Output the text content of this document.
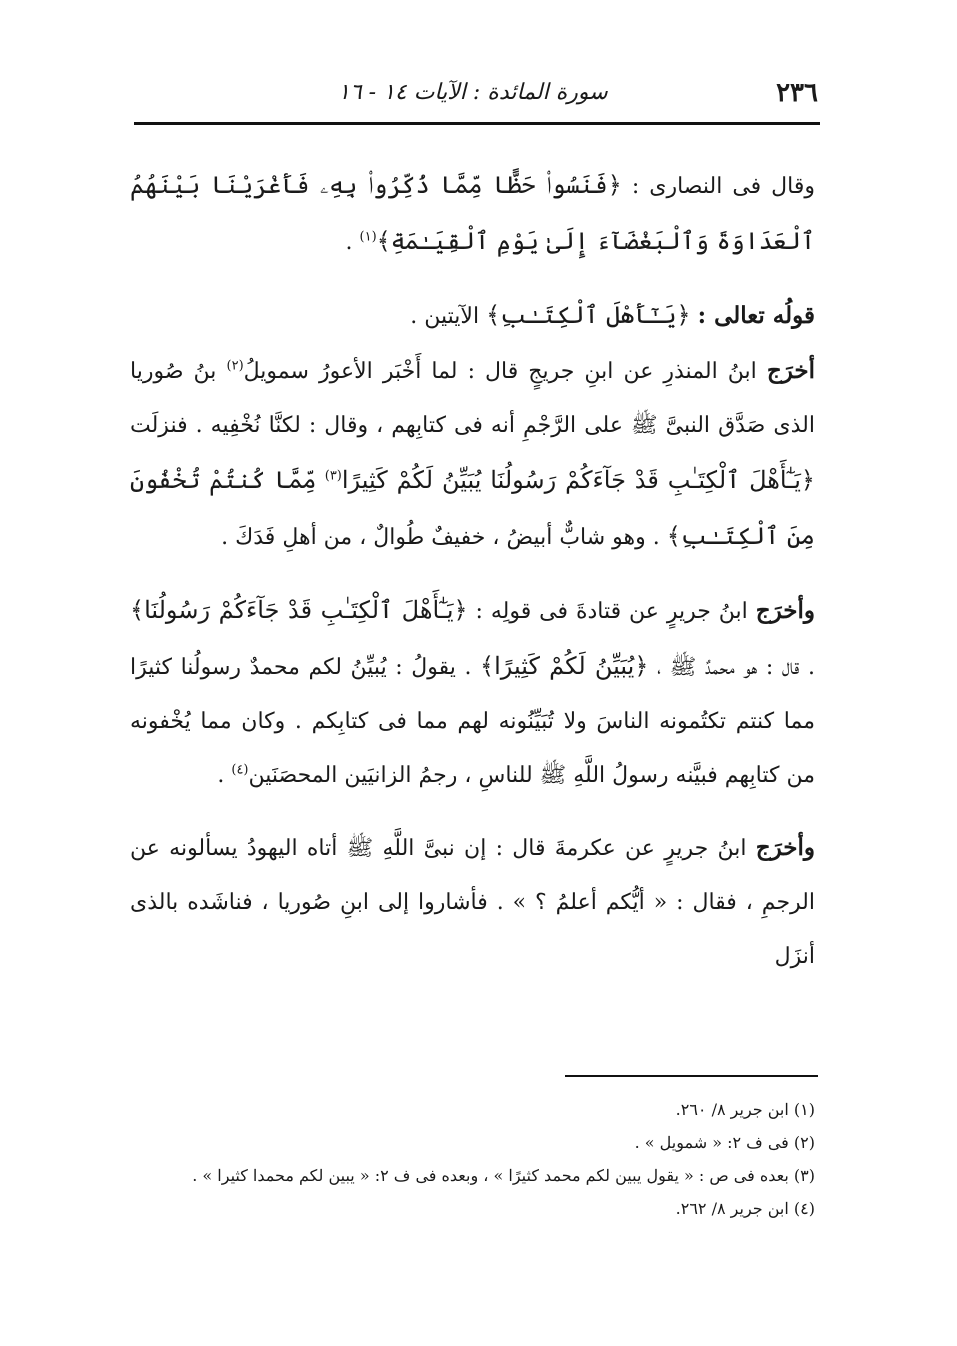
٢٣٦
سورة المائدة : الآيات ١٤ - ١٦

وقال فى النصارى : ﴿فَنَسُوا۟ حَظًّا مِّمَّا ذُكِّرُوا۟ بِهِۦ فَأَغْرَيْنَا بَيْنَهُمُ ٱلْعَدَاوَةَ وَٱلْبَغْضَآءَ إِلَىٰ يَوْمِ ٱلْقِيَـٰمَةِ﴾$^{(١)}$ .

قولُه تعالى : ﴿يَـٰٓأَهْلَ ٱلْكِتَـٰبِ﴾ الآيتين .

أخرَج ابنُ المنذرِ عن ابنِ جريجٍ قال : لما أَخْبَر الأعورُ سمويلُ$^{(٢)}$ بنُ صُوريا الذى صَدَّق النبىَّ ﷺ على الرَّجْمِ أنه فى كتابِهم ، وقال : لكنَّا نُخْفِيه . فنزلَت ﴿يَـٰٓأَهْلَ ٱلْكِتَـٰبِ قَدْ جَآءَكُمْ رَسُولُنَا يُبَيِّنُ لَكُمْ كَثِيرًا$^{(٣)}$ مِّمَّا كُنتُمْ تُخْفُونَ مِنَ ٱلْكِتَـٰبِ﴾ . وهو شابٌّ أبيضُ ، خفيفٌ طُوالٌ ، من أهلِ فَدَكَ .

وأخرَج ابنُ جريرٍ عن قتادةَ فى قولِه : ﴿يَـٰٓأَهْلَ ٱلْكِتَـٰبِ قَدْ جَآءَكُمْ رَسُولُنَا﴾ . قال : هو محمدٌ ﷺ ، ﴿يُبَيِّنُ لَكُمْ كَثِيرًا﴾ . يقولُ : يُبيِّنُ لكم محمدٌ رسولُنا كثيرًا مما كنتم تكتُمونه الناسَ ولا تُبَيِّنُونه لهم مما فى كتابِكم . وكان مما يُخْفونه من كتابِهم فبيَّنه رسولُ اللَّهِ ﷺ للناسِ ، رجمُ الزانيَين المحصَنَين$^{(٤)}$ .

وأخرَج ابنُ جريرٍ عن عكرمةَ قال : إن نبىَّ اللَّهِ ﷺ أتاه اليهودُ يسألونه عن الرجمِ ، فقال : « أيُّكم أعلمُ ؟ » . فأشاروا إلى ابنِ صُوريا ، فناشَده بالذى أنزَل

(١) ابن جرير ٨/ ٢٦٠.

(٢) فى ف ٢: « شمويل » .

(٣) بعده فى ص : « يقول يبين لكم محمد كثيرًا » ، وبعده فى ف ٢: « يبين لكم محمدا كثيرا » .

(٤) ابن جرير ٨/ ٢٦٢.
